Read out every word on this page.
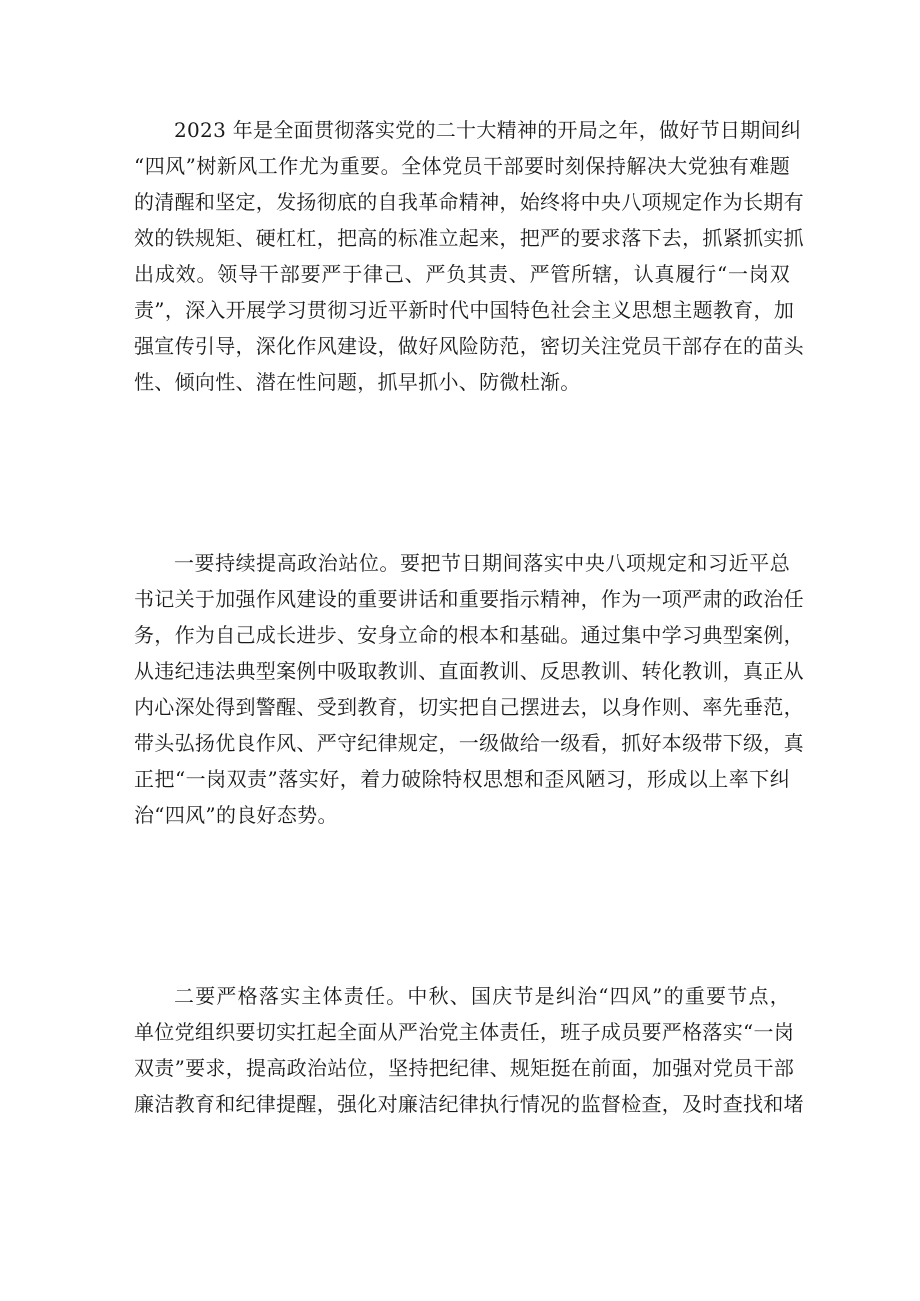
2023 年是全面贯彻落实党的二十大精神的开局之年，做好节日期间纠
“四风”树新风工作尤为重要。全体党员干部要时刻保持解决大党独有难题
的清醒和坚定，发扬彻底的自我革命精神，始终将中央八项规定作为长期有
效的铁规矩、硬杠杠，把高的标准立起来，把严的要求落下去，抓紧抓实抓
出成效。领导干部要严于律己、严负其责、严管所辖，认真履行“一岗双
责”，深入开展学习贯彻习近平新时代中国特色社会主义思想主题教育，加
强宣传引导，深化作风建设，做好风险防范，密切关注党员干部存在的苗头
性、倾向性、潜在性问题，抓早抓小、防微杜渐。
一要持续提高政治站位。要把节日期间落实中央八项规定和习近平总
书记关于加强作风建设的重要讲话和重要指示精神，作为一项严肃的政治任
务，作为自己成长进步、安身立命的根本和基础。通过集中学习典型案例，
从违纪违法典型案例中吸取教训、直面教训、反思教训、转化教训，真正从
内心深处得到警醒、受到教育，切实把自己摆进去，以身作则、率先垂范，
带头弘扬优良作风、严守纪律规定，一级做给一级看，抓好本级带下级，真
正把“一岗双责”落实好，着力破除特权思想和歪风陋习，形成以上率下纠
治“四风”的良好态势。
二要严格落实主体责任。中秋、国庆节是纠治“四风”的重要节点，
单位党组织要切实扛起全面从严治党主体责任，班子成员要严格落实“一岗
双责”要求，提高政治站位，坚持把纪律、规矩挺在前面，加强对党员干部
廉洁教育和纪律提醒，强化对廉洁纪律执行情况的监督检查，及时查找和堵
